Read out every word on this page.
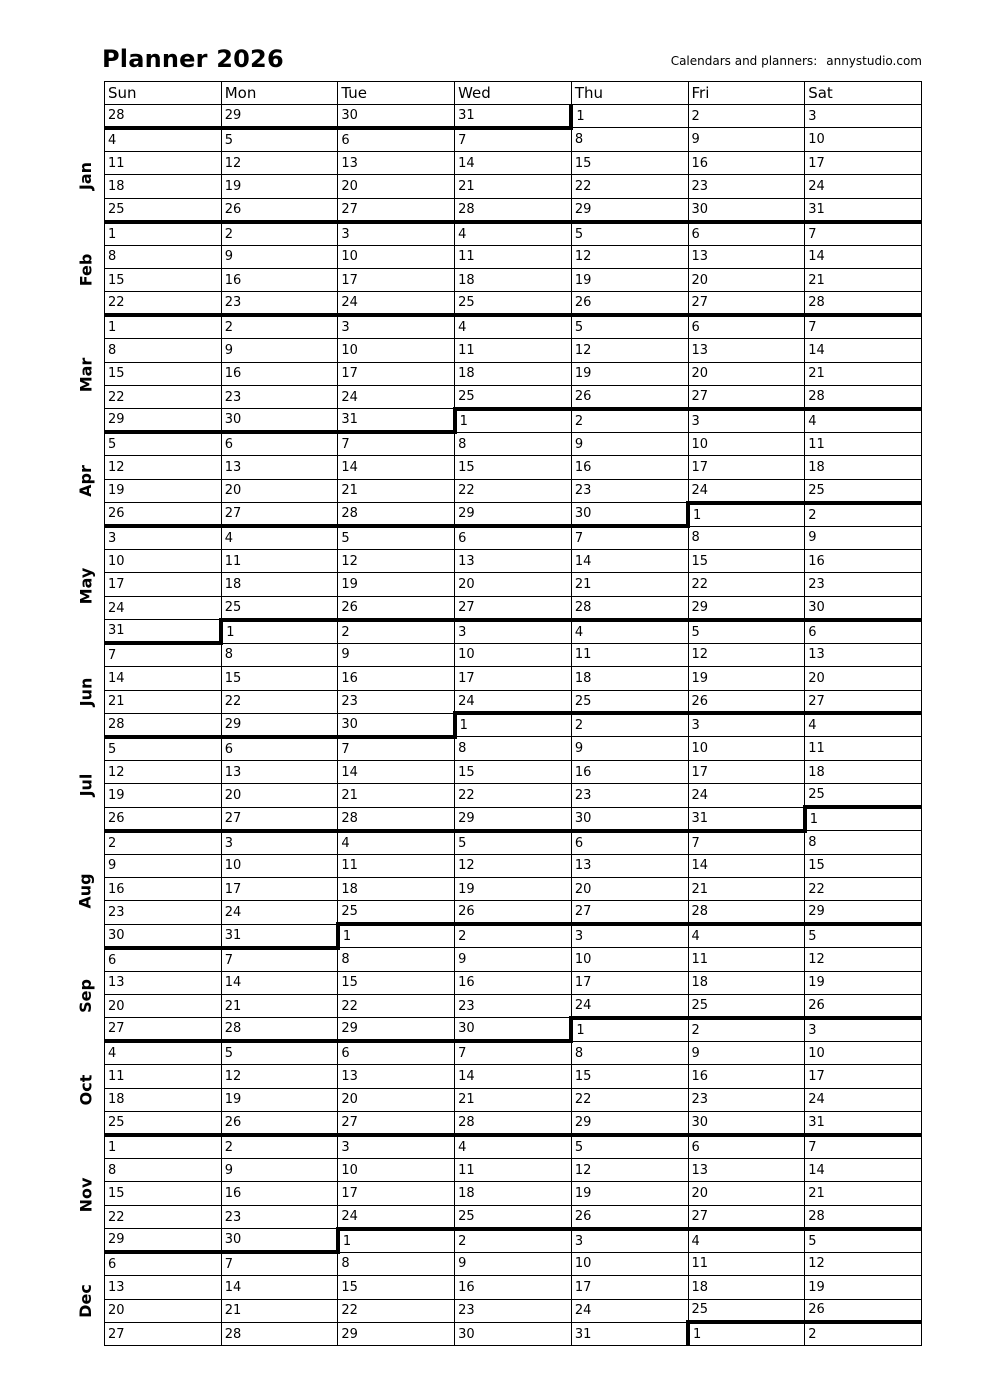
Planner 2026	Calendars and planners: annystudio.com
Jan
Feb
Mar
Apr
May
Jun
Jul
Aug
Sep
Oct
Nov
Dec
Sun	Mon	Tue	Wed	Thu	Fri	Sat
28	29	30	31	1	2	3
4	5	6	7	8	9	10
11	12	13	14	15	16	17
18	19	20	21	22	23	24
25	26	27	28	29	30	31
1	2	3	4	5	6	7
8	9	10	11	12	13	14
15	16	17	18	19	20	21
22	23	24	25	26	27	28
1	2	3	4	5	6	7
8	9	10	11	12	13	14
15	16	17	18	19	20	21
22	23	24	25	26	27	28
29	30	31	1	2	3	4
5	6	7	8	9	10	11
12	13	14	15	16	17	18
19	20	21	22	23	24	25
26	27	28	29	30	1	2
3	4	5	6	7	8	9
10	11	12	13	14	15	16
17	18	19	20	21	22	23
24	25	26	27	28	29	30
31	1	2	3	4	5	6
7	8	9	10	11	12	13
14	15	16	17	18	19	20
21	22	23	24	25	26	27
28	29	30	1	2	3	4
5	6	7	8	9	10	11
12	13	14	15	16	17	18
19	20	21	22	23	24	25
26	27	28	29	30	31	1
2	3	4	5	6	7	8
9	10	11	12	13	14	15
16	17	18	19	20	21	22
23	24	25	26	27	28	29
30	31	1	2	3	4	5
6	7	8	9	10	11	12
13	14	15	16	17	18	19
20	21	22	23	24	25	26
27	28	29	30	1	2	3
4	5	6	7	8	9	10
11	12	13	14	15	16	17
18	19	20	21	22	23	24
25	26	27	28	29	30	31
1	2	3	4	5	6	7
8	9	10	11	12	13	14
15	16	17	18	19	20	21
22	23	24	25	26	27	28
29	30	1	2	3	4	5
6	7	8	9	10	11	12
13	14	15	16	17	18	19
20	21	22	23	24	25	26
27	28	29	30	31	1	2
